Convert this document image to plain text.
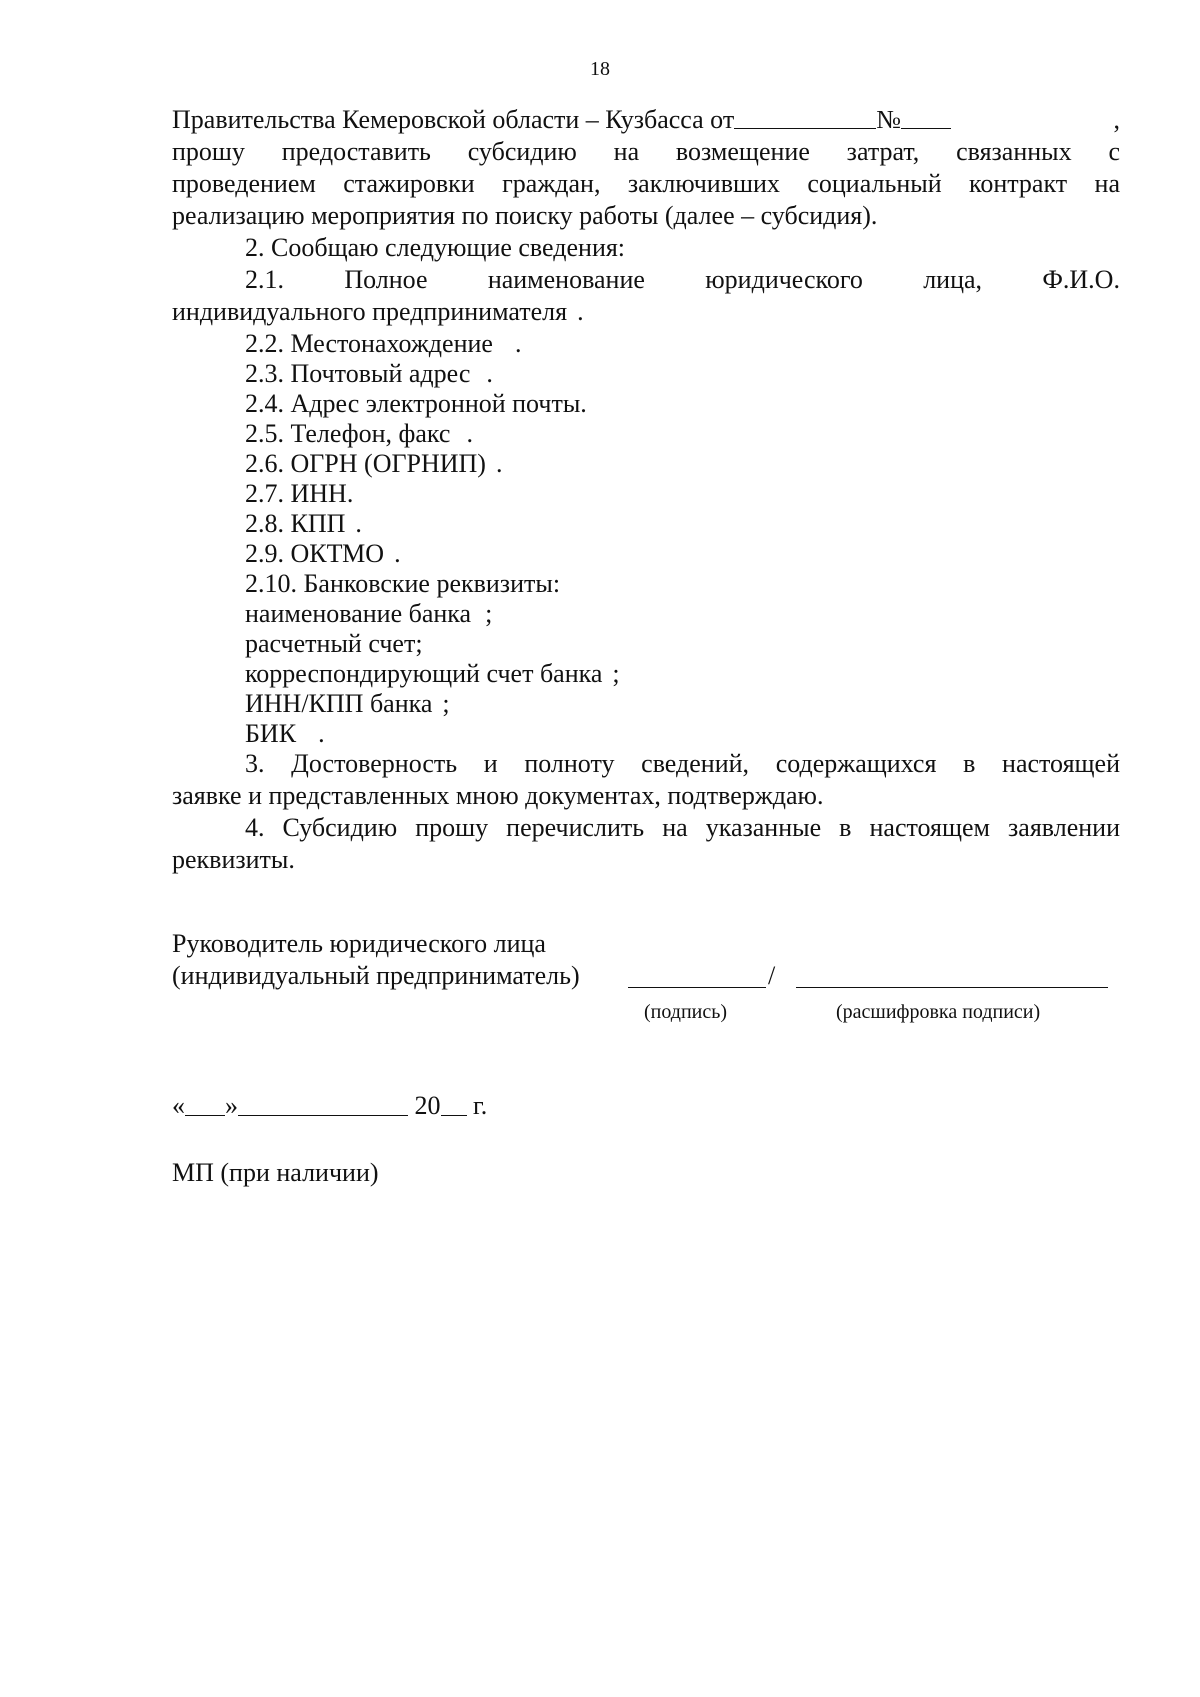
18
Правительства Кемеровской области – Кузбасса от	№	,
прошу предоставить субсидию на возмещение затрат, связанных с
проведением стажировки граждан, заключивших социальный контракт на
реализацию мероприятия по поиску работы (далее – субсидия).
2. Сообщаю следующие сведения:
2.1. Полное наименование юридического лица, Ф.И.О.
индивидуального предпринимателя .
2.2. Местонахождение .
2.3. Почтовый адрес .
2.4. Адрес электронной почты .
2.5. Телефон, факс .
2.6. ОГРН (ОГРНИП) .
2.7. ИНН .
2.8. КПП .
2.9. ОКТМО .
2.10. Банковские реквизиты:
наименование банка ;
расчетный счет ;
корреспондирующий счет банка ;
ИНН/КПП банка ;
БИК .
3. Достоверность и полноту сведений, содержащихся в настоящей
заявке и представленных мною документах, подтверждаю.
4. Субсидию прошу перечислить на указанные в настоящем заявлении
реквизиты.
Руководитель юридического лица
(индивидуальный предприниматель)	/
(подпись)	(расшифровка подписи)
« »	20 г.
МП (при наличии)
